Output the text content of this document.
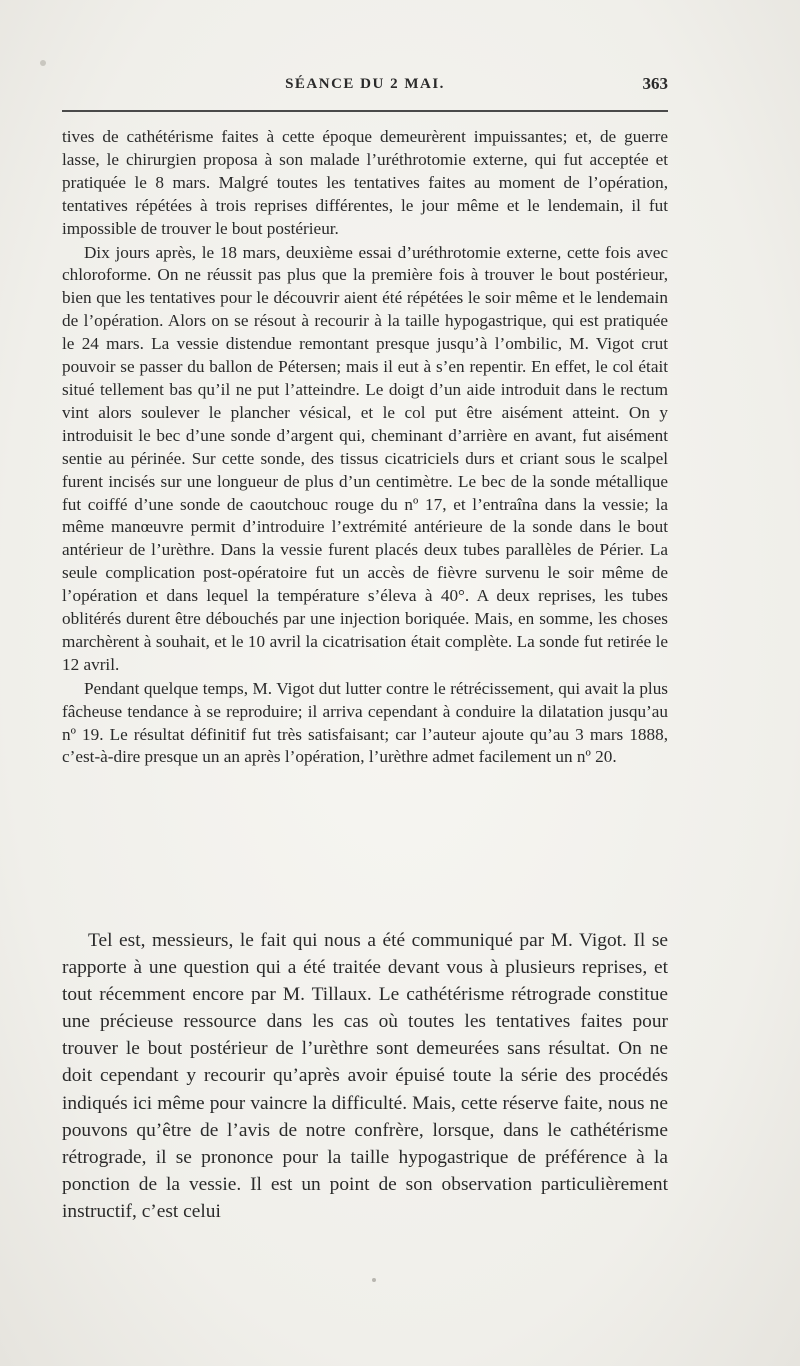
SÉANCE DU 2 MAI.	363

tives de cathétérisme faites à cette époque demeurèrent impuissantes; et, de guerre lasse, le chirurgien proposa à son malade l’uréthrotomie externe, qui fut acceptée et pratiquée le 8 mars. Malgré toutes les tentatives faites au moment de l’opération, tentatives répétées à trois reprises différentes, le jour même et le lendemain, il fut impossible de trouver le bout postérieur.

Dix jours après, le 18 mars, deuxième essai d’uréthrotomie externe, cette fois avec chloroforme. On ne réussit pas plus que la première fois à trouver le bout postérieur, bien que les tentatives pour le découvrir aient été répétées le soir même et le lendemain de l’opération. Alors on se résout à recourir à la taille hypogastrique, qui est pratiquée le 24 mars. La vessie distendue remontant presque jusqu’à l’ombilic, M. Vigot crut pouvoir se passer du ballon de Pétersen; mais il eut à s’en repentir. En effet, le col était situé tellement bas qu’il ne put l’atteindre. Le doigt d’un aide introduit dans le rectum vint alors soulever le plancher vésical, et le col put être aisément atteint. On y introduisit le bec d’une sonde d’argent qui, cheminant d’arrière en avant, fut aisément sentie au périnée. Sur cette sonde, des tissus cicatriciels durs et criant sous le scalpel furent incisés sur une longueur de plus d’un centimètre. Le bec de la sonde métallique fut coiffé d’une sonde de caoutchouc rouge du nº 17, et l’entraîna dans la vessie; la même manœuvre permit d’introduire l’extrémité antérieure de la sonde dans le bout antérieur de l’urèthre. Dans la vessie furent placés deux tubes parallèles de Périer. La seule complication post-opératoire fut un accès de fièvre survenu le soir même de l’opération et dans lequel la température s’éleva à 40°. A deux reprises, les tubes oblitérés durent être débouchés par une injection boriquée. Mais, en somme, les choses marchèrent à souhait, et le 10 avril la cicatrisation était complète. La sonde fut retirée le 12 avril.

Pendant quelque temps, M. Vigot dut lutter contre le rétrécissement, qui avait la plus fâcheuse tendance à se reproduire; il arriva cependant à conduire la dilatation jusqu’au nº 19. Le résultat définitif fut très satisfaisant; car l’auteur ajoute qu’au 3 mars 1888, c’est-à-dire presque un an après l’opération, l’urèthre admet facilement un nº 20.

Tel est, messieurs, le fait qui nous a été communiqué par M. Vigot. Il se rapporte à une question qui a été traitée devant vous à plusieurs reprises, et tout récemment encore par M. Tillaux. Le cathétérisme rétrograde constitue une précieuse ressource dans les cas où toutes les tentatives faites pour trouver le bout postérieur de l’urèthre sont demeurées sans résultat. On ne doit cependant y recourir qu’après avoir épuisé toute la série des procédés indiqués ici même pour vaincre la difficulté. Mais, cette réserve faite, nous ne pouvons qu’être de l’avis de notre confrère, lorsque, dans le cathétérisme rétrograde, il se prononce pour la taille hypogastrique de préférence à la ponction de la vessie. Il est un point de son observation particulièrement instructif, c’est celui
